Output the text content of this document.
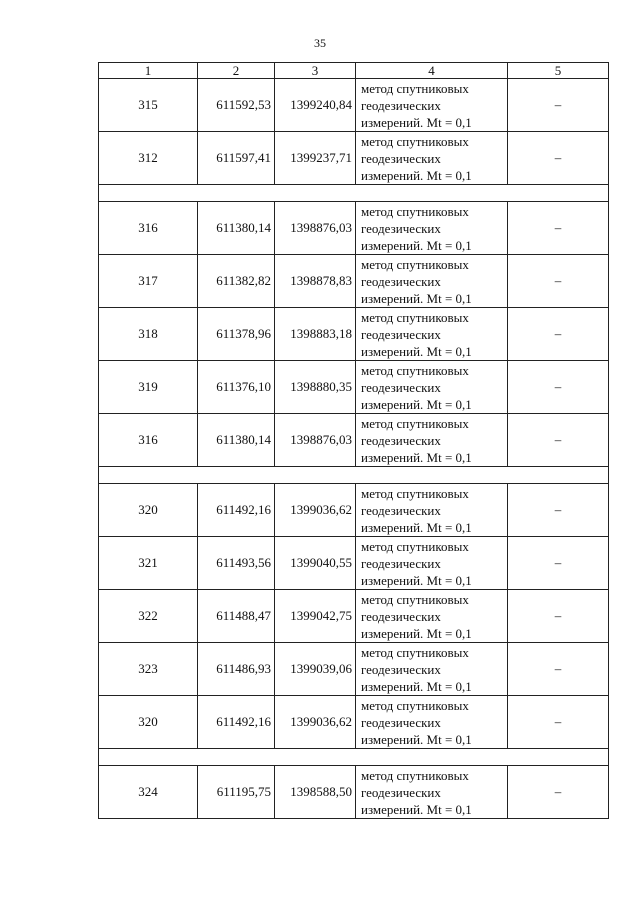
35
1	2	3	4	5
315	611592,53	1399240,84	метод спутниковых
геодезических
измерений. Mt = 0,1	–
312	611597,41	1399237,71	метод спутниковых
геодезических
измерений. Mt = 0,1	–

316	611380,14	1398876,03	метод спутниковых
геодезических
измерений. Mt = 0,1	–
317	611382,82	1398878,83	метод спутниковых
геодезических
измерений. Mt = 0,1	–
318	611378,96	1398883,18	метод спутниковых
геодезических
измерений. Mt = 0,1	–
319	611376,10	1398880,35	метод спутниковых
геодезических
измерений. Mt = 0,1	–
316	611380,14	1398876,03	метод спутниковых
геодезических
измерений. Mt = 0,1	–

320	611492,16	1399036,62	метод спутниковых
геодезических
измерений. Mt = 0,1	–
321	611493,56	1399040,55	метод спутниковых
геодезических
измерений. Mt = 0,1	–
322	611488,47	1399042,75	метод спутниковых
геодезических
измерений. Mt = 0,1	–
323	611486,93	1399039,06	метод спутниковых
геодезических
измерений. Mt = 0,1	–
320	611492,16	1399036,62	метод спутниковых
геодезических
измерений. Mt = 0,1	–

324	611195,75	1398588,50	метод спутниковых
геодезических
измерений. Mt = 0,1	–
